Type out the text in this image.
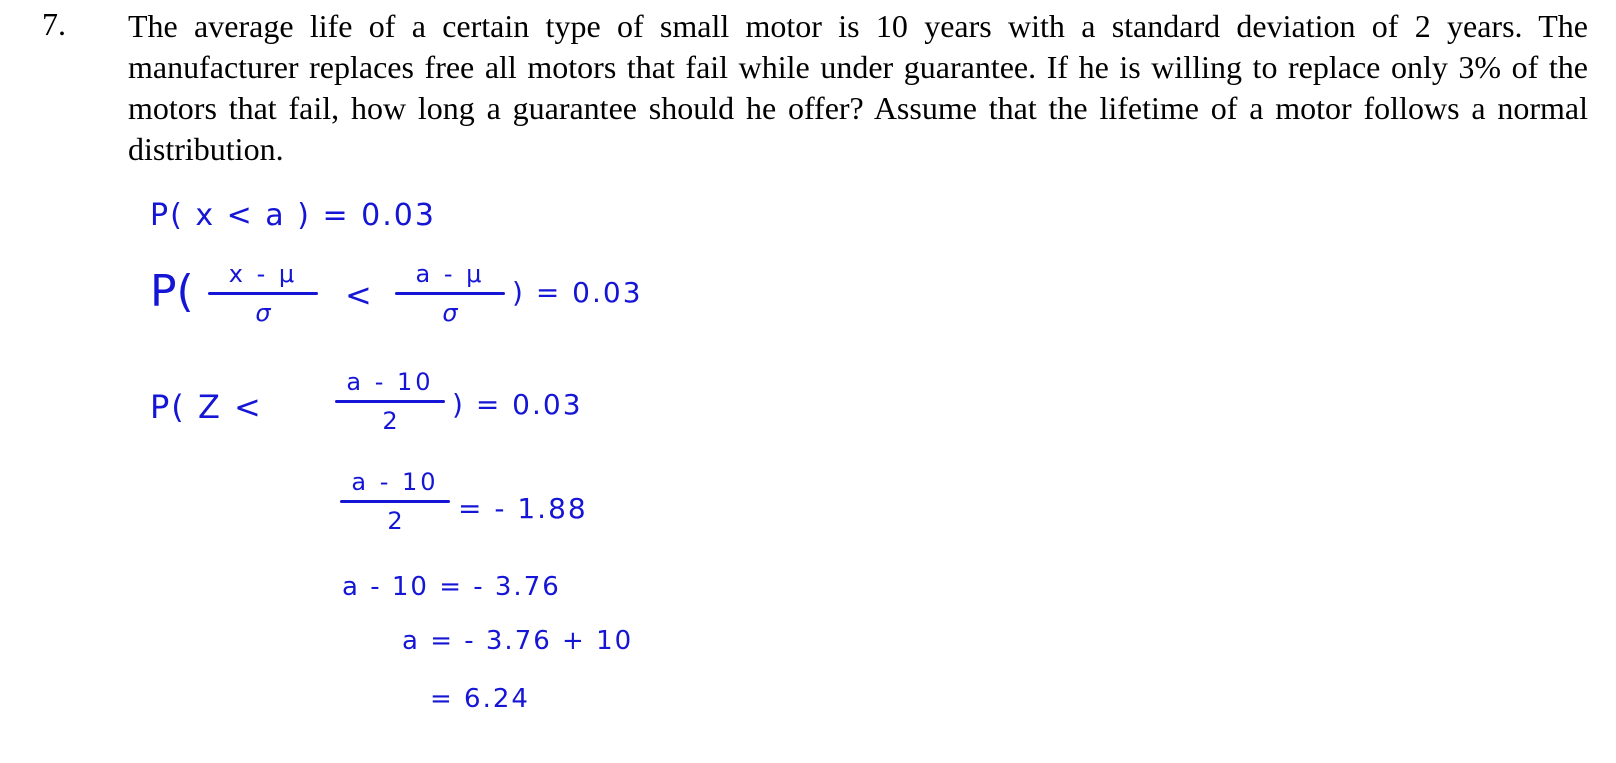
7. The average life of a certain type of small motor is 10 years with a standard deviation of 2 years. The manufacturer replaces free all motors that fail while under guarantee. If he is willing to replace only 3% of the motors that fail, how long a guarantee should he offer? Assume that the lifetime of a motor follows a normal distribution.
P( x < a ) = 0.03
P(	x - μ
σ	<
a - μ
σ
) = 0.03
P( Z <
a - 10
2	) = 0.03
a - 10
2	= - 1.88
a - 10 = - 3.76
a = - 3.76 + 10
= 6.24
